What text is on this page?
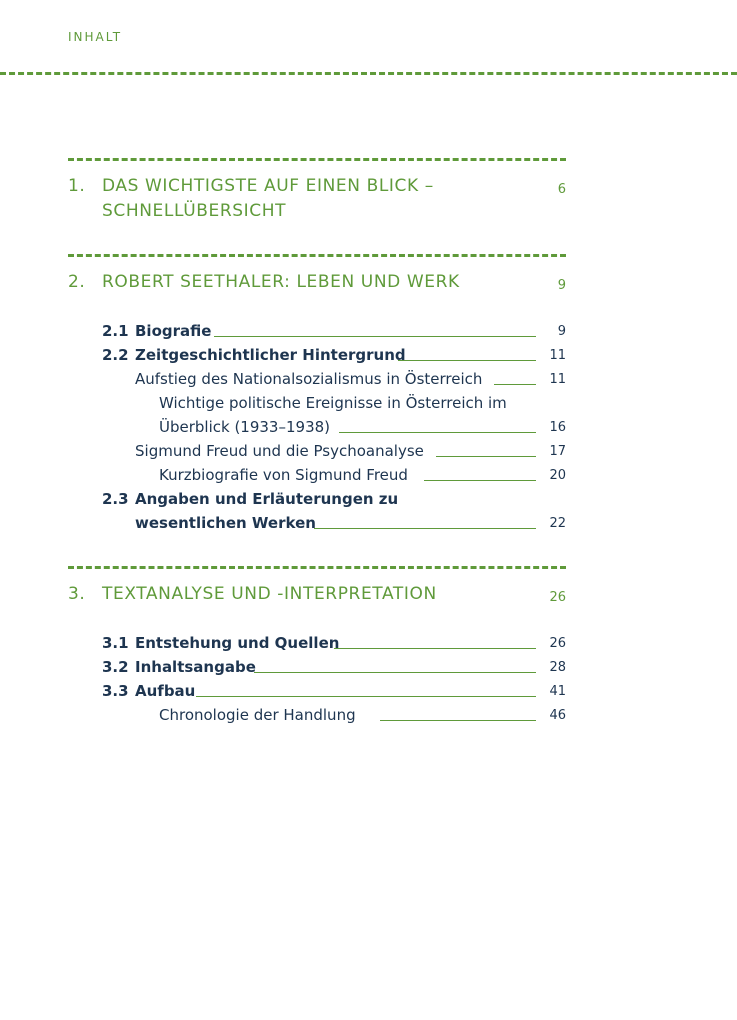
INHALT
1. DAS WICHTIGSTE AUF EINEN BLICK –
SCHNELLÜBERSICHT
6
2. ROBERT SEETHALER: LEBEN UND WERK	9
2.1 Biografie	9
2.2 Zeitgeschichtlicher Hintergrund	11
Aufstieg des Nationalsozialismus in Österreich	11
Wichtige politische Ereignisse in Österreich im
Überblick (1933–1938)	16
Sigmund Freud und die Psychoanalyse	17
Kurzbiografie von Sigmund Freud	20
2.3 Angaben und Erläuterungen zu
wesentlichen Werken	22
3. TEXTANALYSE UND -INTERPRETATION	26
3.1 Entstehung und Quellen	26
3.2 Inhaltsangabe	28
3.3 Aufbau	41
Chronologie der Handlung	46
